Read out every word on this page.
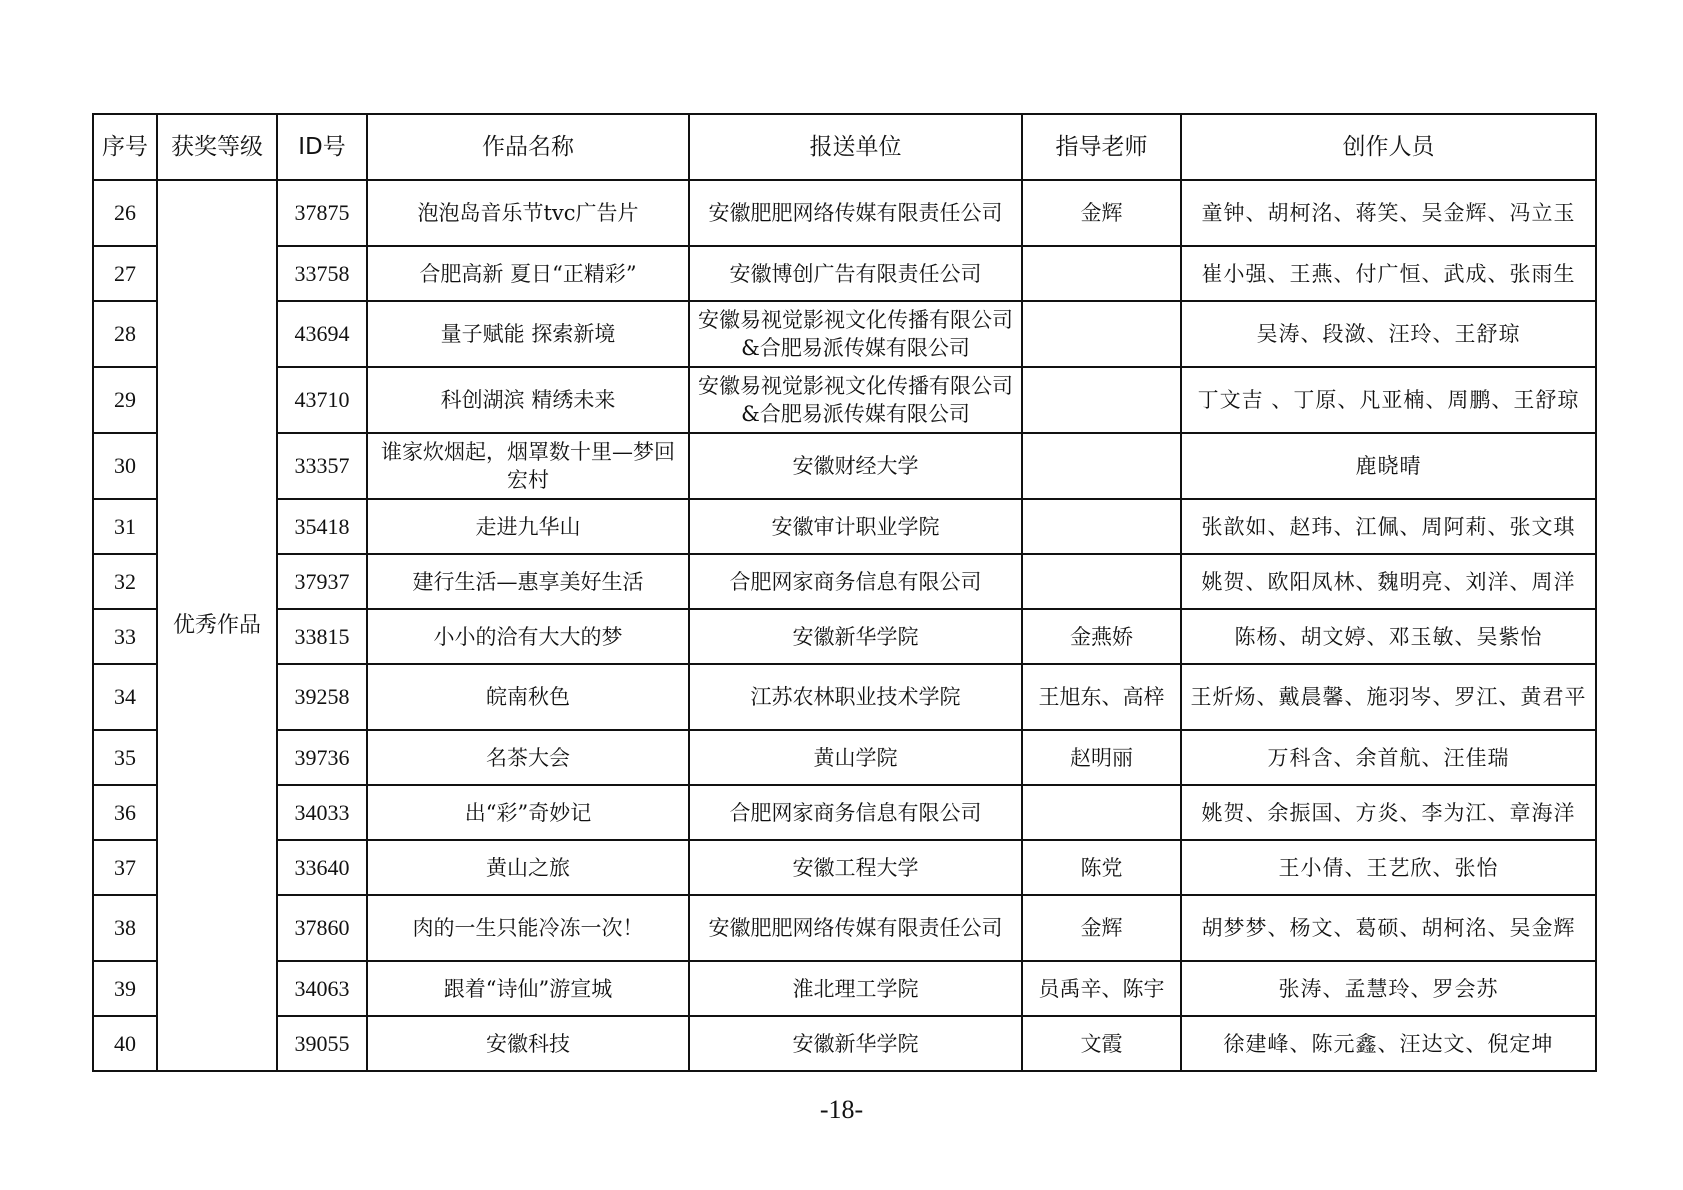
序号	获奖等级	ID号	作品名称	报送单位	指导老师	创作人员
26	优秀作品	37875	泡泡岛音乐节tvc广告片	安徽肥肥网络传媒有限责任公司	金辉	童钟、胡柯洺、蒋笑、吴金辉、冯立玉
27		33758	合肥高新 夏日“正精彩”	安徽博创广告有限责任公司		崔小强、王燕、付广恒、武成、张雨生
28		43694	量子赋能 探索新境	安徽易视觉影视文化传播有限公司&合肥易派传媒有限公司		吴涛、段潋、汪玲、王舒琼
29		43710	科创湖滨 精绣未来	安徽易视觉影视文化传播有限公司&合肥易派传媒有限公司		丁文吉 、丁原、凡亚楠、周鹏、王舒琼
30		33357	谁家炊烟起，烟罩数十里—梦回宏村	安徽财经大学		鹿晓晴
31		35418	走进九华山	安徽审计职业学院		张歆如、赵玮、江佩、周阿莉、张文琪
32		37937	建行生活—惠享美好生活	合肥网家商务信息有限公司		姚贺、欧阳凤林、魏明亮、刘洋、周洋
33		33815	小小的洽有大大的梦	安徽新华学院	金燕娇	陈杨、胡文婷、邓玉敏、吴紫怡
34		39258	皖南秋色	江苏农林职业技术学院	王旭东、高梓	王炘炀、戴晨馨、施羽岑、罗江、黄君平
35		39736	名茶大会	黄山学院	赵明丽	万科含、余首航、汪佳瑞
36		34033	出“彩”奇妙记	合肥网家商务信息有限公司		姚贺、余振国、方炎、李为江、章海洋
37		33640	黄山之旅	安徽工程大学	陈党	王小倩、王艺欣、张怡
38		37860	肉的一生只能冷冻一次！	安徽肥肥网络传媒有限责任公司	金辉	胡梦梦、杨文、葛硕、胡柯洺、吴金辉
39		34063	跟着“诗仙”游宣城	淮北理工学院	员禹辛、陈宇	张涛、孟慧玲、罗会苏
40		39055	安徽科技	安徽新华学院	文霞	徐建峰、陈元鑫、汪达文、倪定坤
-18-
